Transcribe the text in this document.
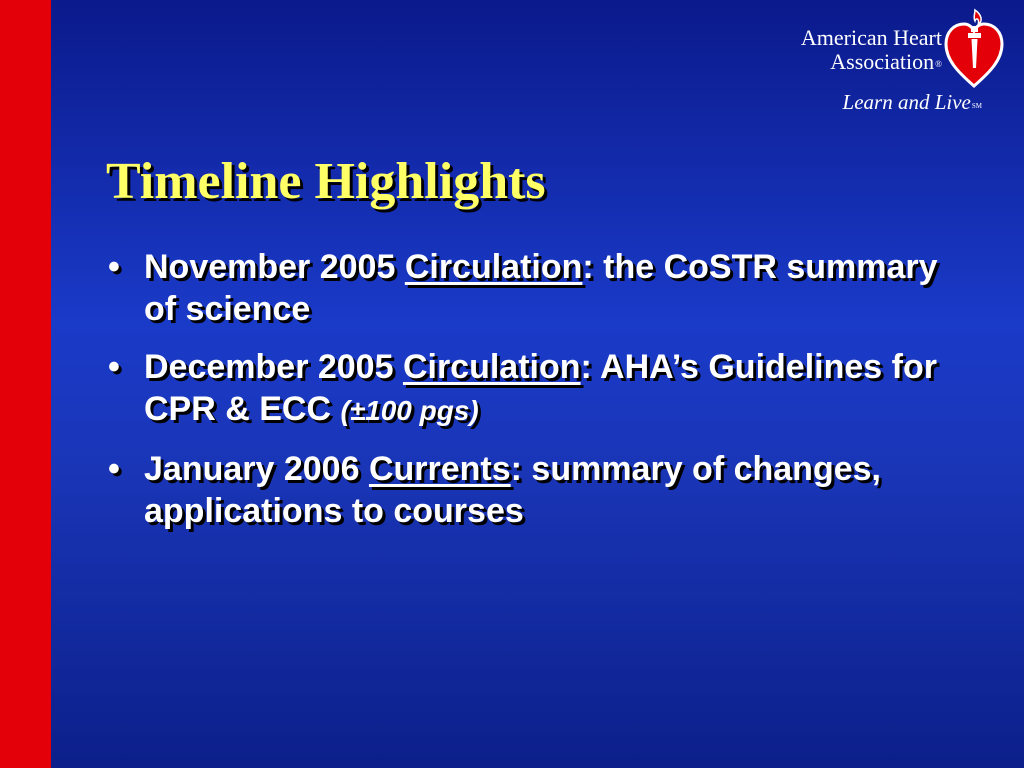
American Heart
Association®
Learn and LiveSM
Timeline Highlights
• November 2005 Circulation: the CoSTR summary of science
• December 2005 Circulation: AHA’s Guidelines for CPR & ECC (±100 pgs)
• January 2006 Currents: summary of changes, applications to courses
